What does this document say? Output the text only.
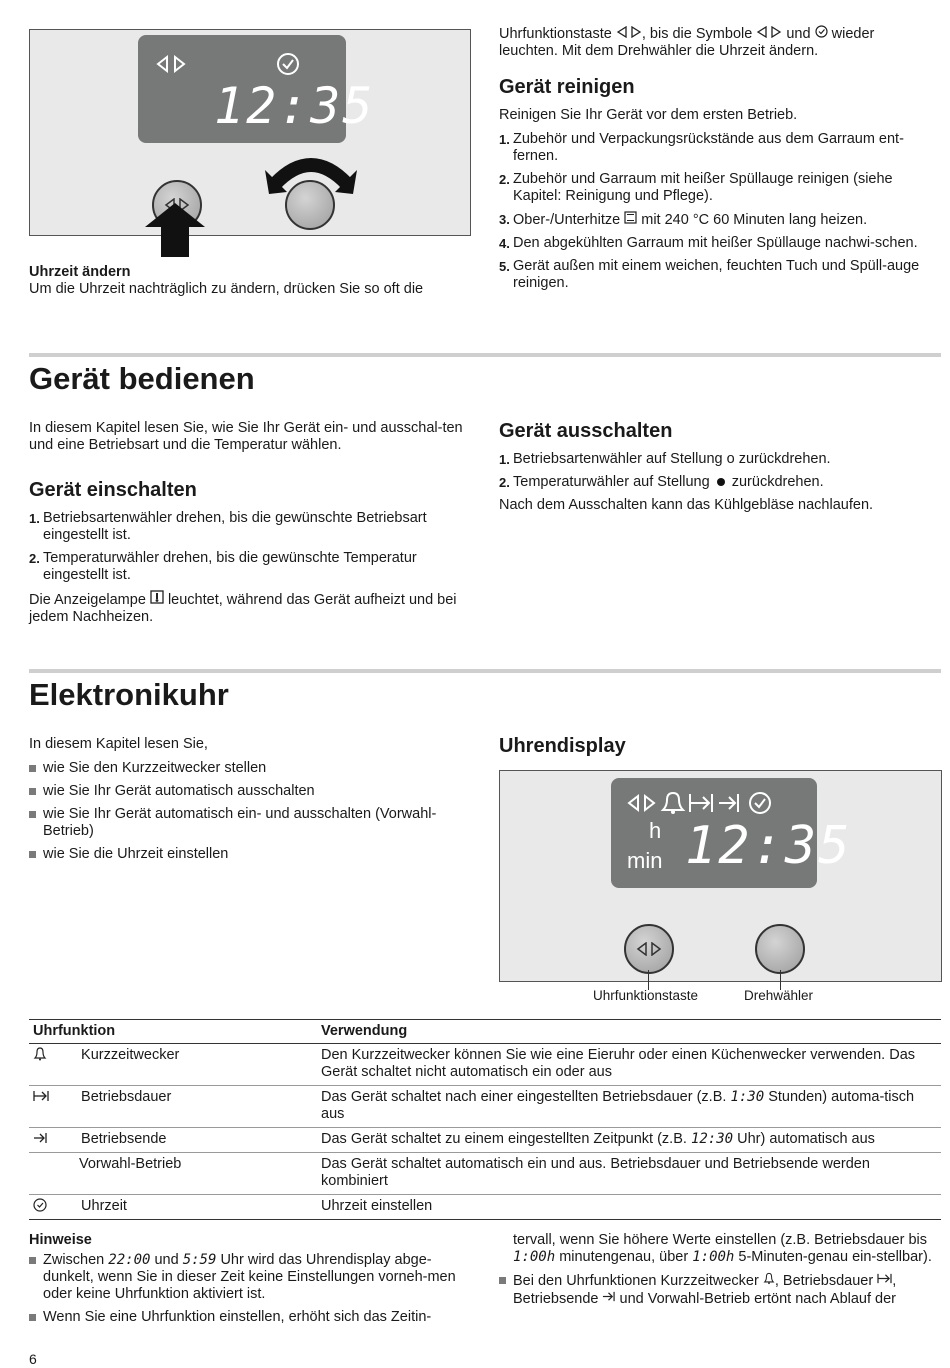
12:35

Uhrzeit ändern

Um die Uhrzeit nachträglich zu ändern, drücken Sie so oft die

Uhrfunktionstaste , bis die Symbole und wieder

leuchten. Mit dem Drehwähler die Uhrzeit ändern.

Gerät reinigen

Reinigen Sie Ihr Gerät vor dem ersten Betrieb.

1. Zubehör und Verpackungsrückstände aus dem Garraum ent-fernen.
2. Zubehör und Garraum mit heißer Spüllauge reinigen (siehe Kapitel: Reinigung und Pflege).
3. Ober-/Unterhitze mit 240 °C 60 Minuten lang heizen.
4. Den abgekühlten Garraum mit heißer Spüllauge nachwi-schen.
5. Gerät außen mit einem weichen, feuchten Tuch und Spüll-auge reinigen.
Gerät bedienen

In diesem Kapitel lesen Sie, wie Sie Ihr Gerät ein- und ausschal-ten und eine Betriebsart und die Temperatur wählen.

Gerät einschalten
1. Betriebsartenwähler drehen, bis die gewünschte Betriebsart eingestellt ist.
2. Temperaturwähler drehen, bis die gewünschte Temperatur eingestellt ist.

Die Anzeigelampe leuchtet, während das Gerät aufheizt und bei jedem Nachheizen.

Gerät ausschalten
1. Betriebsartenwähler auf Stellung o zurückdrehen.
2. Temperaturwähler auf Stellung zurückdrehen.

Nach dem Ausschalten kann das Kühlgebläse nachlaufen.

Elektronikuhr

In diesem Kapitel lesen Sie,

wie Sie den Kurzzeitwecker stellen
wie Sie Ihr Gerät automatisch ausschalten
wie Sie Ihr Gerät automatisch ein- und ausschalten (Vorwahl-Betrieb)
wie Sie die Uhrzeit einstellen
Uhrendisplay
h
min 12:35
Uhrfunktionstaste	Drehwähler
Uhrfunktion	Verwendung
Kurzzeitwecker	Den Kurzzeitwecker können Sie wie eine Eieruhr oder einen Küchenwecker verwenden. Das Gerät schaltet nicht automatisch ein oder aus
Betriebsdauer	Das Gerät schaltet nach einer eingestellten Betriebsdauer (z.B. 1:30 Stunden) automa-tisch aus
Betriebsende	Das Gerät schaltet zu einem eingestellten Zeitpunkt (z.B. 12:30 Uhr) automatisch aus
Vorwahl-Betrieb	Das Gerät schaltet automatisch ein und aus. Betriebsdauer und Betriebsende werden kombiniert
Uhrzeit	Uhrzeit einstellen

Hinweise

Zwischen 22:00 und 5:59 Uhr wird das Uhrendisplay abge-dunkelt, wenn Sie in dieser Zeit keine Einstellungen vorneh-men oder keine Uhrfunktion aktiviert ist.
Wenn Sie eine Uhrfunktion einstellen, erhöht sich das Zeitin-

tervall, wenn Sie höhere Werte einstellen (z.B. Betriebsdauer bis 1:00h minutengenau, über 1:00h 5-Minuten-genau ein-stellbar).

Bei den Uhrfunktionen Kurzzeitwecker , Betriebsdauer , Betriebsende und Vorwahl-Betrieb ertönt nach Ablauf der
6
